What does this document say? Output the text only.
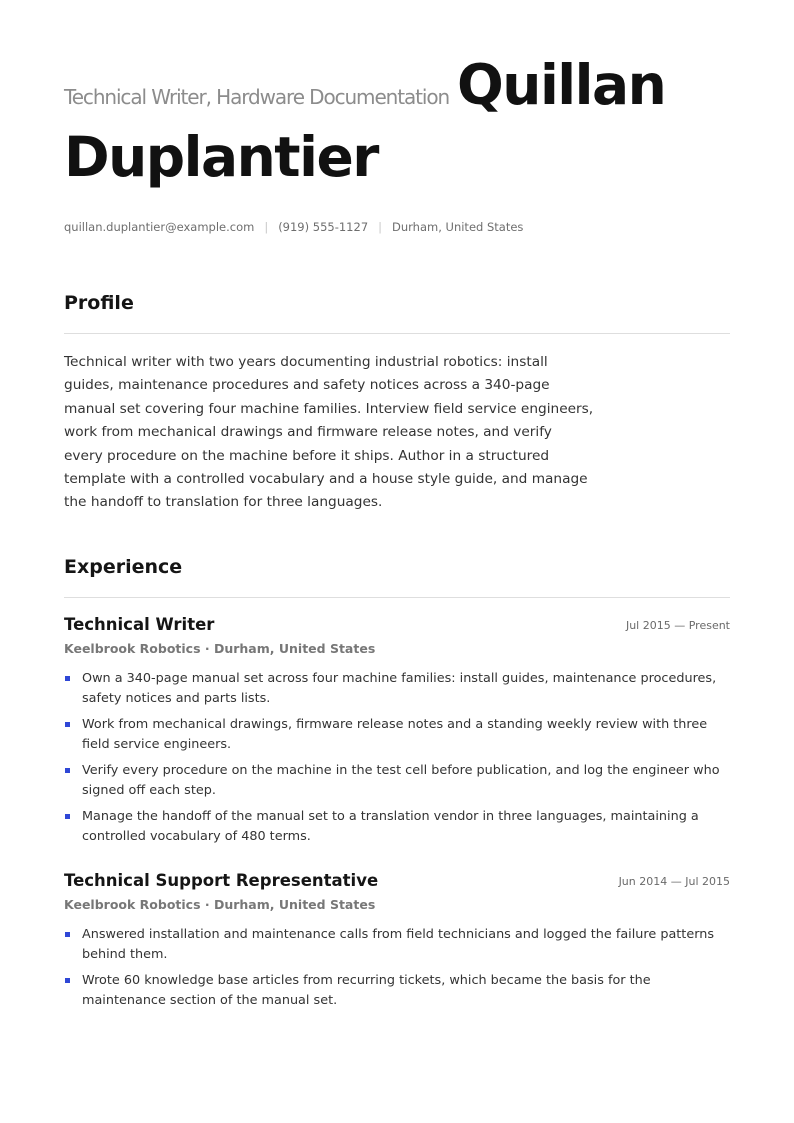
Technical Writer, Hardware Documentation Quillan
Duplantier
quillan.duplantier@example.com | (919) 555-1127 | Durham, United States
Profile
Technical writer with two years documenting industrial robotics: install guides, maintenance procedures and safety notices across a 340-page manual set covering four machine families. Interview field service engineers, work from mechanical drawings and firmware release notes, and verify every procedure on the machine before it ships. Author in a structured template with a controlled vocabulary and a house style guide, and manage the handoff to translation for three languages.
Experience
Technical Writer	Jul 2015 — Present
Keelbrook Robotics · Durham, United States
Own a 340-page manual set across four machine families: install guides, maintenance procedures, safety notices and parts lists.
Work from mechanical drawings, firmware release notes and a standing weekly review with three field service engineers.
Verify every procedure on the machine in the test cell before publication, and log the engineer who signed off each step.
Manage the handoff of the manual set to a translation vendor in three languages, maintaining a controlled vocabulary of 480 terms.
Technical Support Representative	Jun 2014 — Jul 2015
Keelbrook Robotics · Durham, United States
Answered installation and maintenance calls from field technicians and logged the failure patterns behind them.
Wrote 60 knowledge base articles from recurring tickets, which became the basis for the maintenance section of the manual set.
